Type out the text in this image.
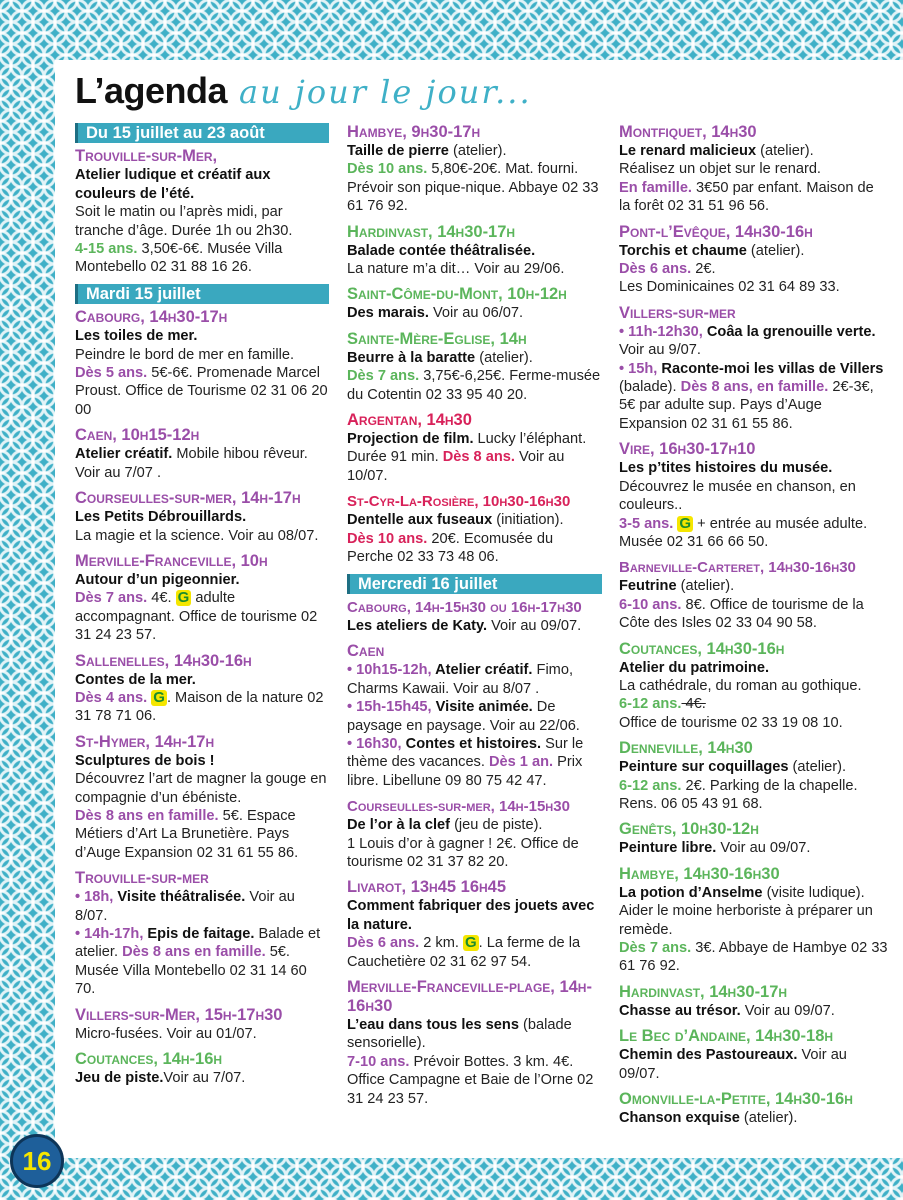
L’agenda au jour le jour...
Du 15 juillet au 23 août
Trouville-sur-Mer,
Atelier ludique et créatif aux couleurs de l’été.
Soit le matin ou l’après midi, par tranche d’âge. Durée 1h ou 2h30.
4-15 ans. 3,50€-6€. Musée Villa Montebello 02 31 88 16 26.
Mardi 15 juillet
Cabourg, 14h30-17h
Les toiles de mer.
Peindre le bord de mer en famille.
Dès 5 ans. 5€-6€. Promenade Marcel Proust. Office de Tourisme 02 31 06 20 00
Caen, 10h15-12h
Atelier créatif. Mobile hibou rêveur. Voir au 7/07 .
Courseulles-sur-mer, 14h-17h
Les Petits Débrouillards.
La magie et la science. Voir au 08/07.
Merville-Franceville, 10h
Autour d’un pigeonnier.
Dès 7 ans. 4€. G adulte accompagnant. Office de tourisme 02 31 24 23 57.
Sallenelles, 14h30-16h
Contes de la mer.
Dès 4 ans. G . Maison de la nature 02 31 78 71 06.
St-Hymer, 14h-17h
Sculptures de bois !
Découvrez l’art de magner la gouge en compagnie d’un ébéniste.
Dès 8 ans en famille. 5€. Espace Métiers d’Art La Brunetière. Pays d’Auge Expansion 02 31 61 55 86.
Trouville-sur-mer
• 18h, Visite théâtralisée. Voir au 8/07.
• 14h-17h, Epis de faitage. Balade et atelier. Dès 8 ans en famille. 5€. Musée Villa Montebello 02 31 14 60 70.
Villers-sur-Mer, 15h-17h30
Micro-fusées. Voir au 01/07.
Coutances, 14h-16h
Jeu de piste.Voir au 7/07.
Hambye, 9h30-17h
Taille de pierre (atelier).
Dès 10 ans. 5,80€-20€. Mat. fourni. Prévoir son pique-nique. Abbaye 02 33 61 76 92.
Hardinvast, 14h30-17h
Balade contée théâtralisée.
La nature m’a dit… Voir au 29/06.
Saint-Côme-du-Mont, 10h-12h
Des marais. Voir au 06/07.
Sainte-Mère-Eglise, 14h
Beurre à la baratte (atelier).
Dès 7 ans. 3,75€-6,25€. Ferme-musée du Cotentin 02 33 95 40 20.
Argentan, 14h30
Projection de film. Lucky l’éléphant. Durée 91 min. Dès 8 ans. Voir au 10/07.
St-Cyr-La-Rosière, 10h30-16h30
Dentelle aux fuseaux (initiation).
Dès 10 ans. 20€. Ecomusée du Perche 02 33 73 48 06.
Mercredi 16 juillet
Cabourg, 14h-15h30 ou 16h-17h30
Les ateliers de Katy. Voir au 09/07.
Caen
• 10h15-12h, Atelier créatif. Fimo, Charms Kawaii. Voir au 8/07 .
• 15h-15h45, Visite animée. De paysage en paysage. Voir au 22/06.
• 16h30, Contes et histoires. Sur le thème des vacances. Dès 1 an. Prix libre. Libellune 09 80 75 42 47.
Courseulles-sur-mer, 14h-15h30
De l’or à la clef (jeu de piste).
1 Louis d’or à gagner ! 2€. Office de tourisme 02 31 37 82 20.
Livarot, 13h45 16h45
Comment fabriquer des jouets avec la nature.
Dès 6 ans. 2 km. G . La ferme de la Cauchetière 02 31 62 97 54.
Merville-Franceville-plage, 14h-16h30
L’eau dans tous les sens (balade sensorielle).
7-10 ans. Prévoir Bottes. 3 km. 4€. Office Campagne et Baie de l’Orne 02 31 24 23 57.
Montfiquet, 14h30
Le renard malicieux (atelier).
Réalisez un objet sur le renard.
En famille. 3€50 par enfant. Maison de la forêt 02 31 51 96 56.
Pont-l’Evêque, 14h30-16h
Torchis et chaume (atelier).
Dès 6 ans. 2€.
Les Dominicaines 02 31 64 89 33.
Villers-sur-mer
• 11h-12h30, Coâa la grenouille verte. Voir au 9/07.
• 15h, Raconte-moi les villas de Villers (balade). Dès 8 ans, en famille. 2€-3€, 5€ par adulte sup. Pays d’Auge Expansion 02 31 61 55 86.
Vire, 16h30-17h10
Les p’tites histoires du musée.
Découvrez le musée en chanson, en couleurs..
3-5 ans. G + entrée au musée adulte. Musée 02 31 66 66 50.
Barneville-Carteret, 14h30-16h30
Feutrine (atelier).
6-10 ans. 8€. Office de tourisme de la Côte des Isles 02 33 04 90 58.
Coutances, 14h30-16h
Atelier du patrimoine.
La cathédrale, du roman au gothique.
6-12 ans. 4€.
Office de tourisme 02 33 19 08 10.
Denneville, 14h30
Peinture sur coquillages (atelier).
6-12 ans. 2€. Parking de la chapelle. Rens. 06 05 43 91 68.
Genêts, 10h30-12h
Peinture libre. Voir au 09/07.
Hambye, 14h30-16h30
La potion d’Anselme (visite ludique).
Aider le moine herboriste à préparer un remède.
Dès 7 ans. 3€. Abbaye de Hambye 02 33 61 76 92.
Hardinvast, 14h30-17h
Chasse au trésor. Voir au 09/07.
Le Bec d’Andaine, 14h30-18h
Chemin des Pastoureaux. Voir au 09/07.
Omonville-la-Petite, 14h30-16h
Chanson exquise (atelier).
16
